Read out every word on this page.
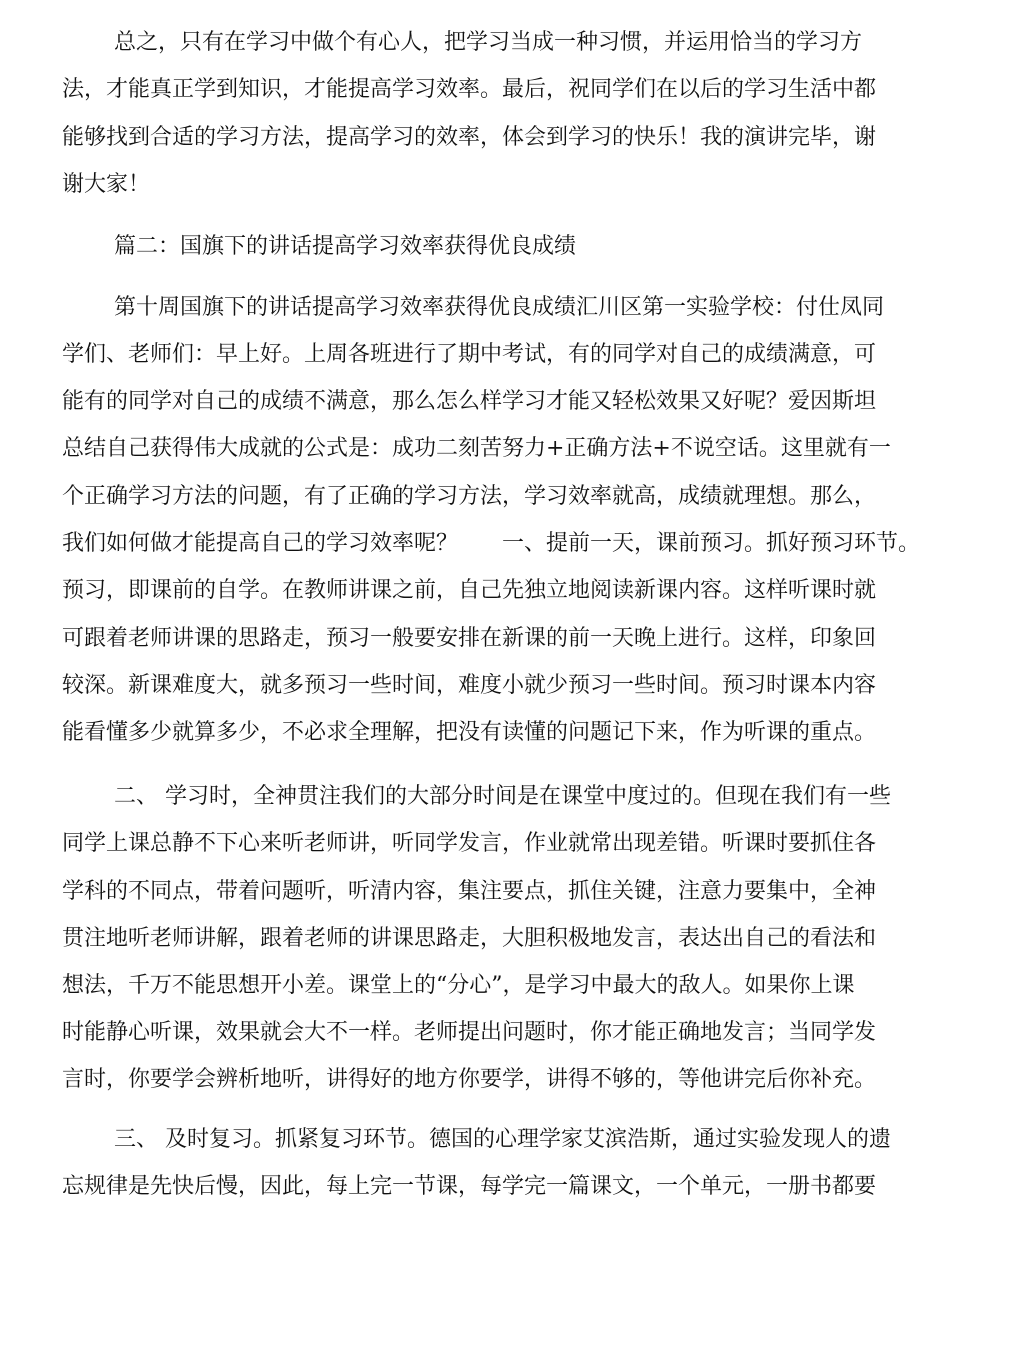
总之，只有在学习中做个有心人，把学习当成一种习惯，并运用恰当的学习方
法，才能真正学到知识，才能提高学习效率。最后，祝同学们在以后的学习生活中都
能够找到合适的学习方法，提高学习的效率，体会到学习的快乐！我的演讲完毕，谢
谢大家！
篇二：国旗下的讲话提高学习效率获得优良成绩
第十周国旗下的讲话提高学习效率获得优良成绩汇川区第一实验学校：付仕凤同
学们、老师们：早上好。上周各班进行了期中考试，有的同学对自己的成绩满意，可
能有的同学对自己的成绩不满意，那么怎么样学习才能又轻松效果又好呢？爱因斯坦
总结自己获得伟大成就的公式是：成功二刻苦努力+正确方法+不说空话。这里就有一
个正确学习方法的问题，有了正确的学习方法，学习效率就高，成绩就理想。那么，
我们如何做才能提高自己的学习效率呢？　　一、提前一天，课前预习。抓好预习环节。
预习，即课前的自学。在教师讲课之前，自己先独立地阅读新课内容。这样听课时就
可跟着老师讲课的思路走，预习一般要安排在新课的前一天晚上进行。这样，印象回
较深。新课难度大，就多预习一些时间，难度小就少预习一些时间。预习时课本内容
能看懂多少就算多少，不必求全理解，把没有读懂的问题记下来，作为听课的重点。
二、 学习时，全神贯注我们的大部分时间是在课堂中度过的。但现在我们有一些
同学上课总静不下心来听老师讲，听同学发言，作业就常出现差错。听课时要抓住各
学科的不同点，带着问题听，听清内容，集注要点，抓住关键，注意力要集中，全神
贯注地听老师讲解，跟着老师的讲课思路走，大胆积极地发言，表达出自己的看法和
想法，千万不能思想开小差。课堂上的“分心”，是学习中最大的敌人。如果你上课
时能静心听课，效果就会大不一样。老师提出问题时，你才能正确地发言；当同学发
言时，你要学会辨析地听，讲得好的地方你要学，讲得不够的，等他讲完后你补充。
三、 及时复习。抓紧复习环节。德国的心理学家艾滨浩斯，通过实验发现人的遗
忘规律是先快后慢，因此，每上完一节课，每学完一篇课文，一个单元，一册书都要
